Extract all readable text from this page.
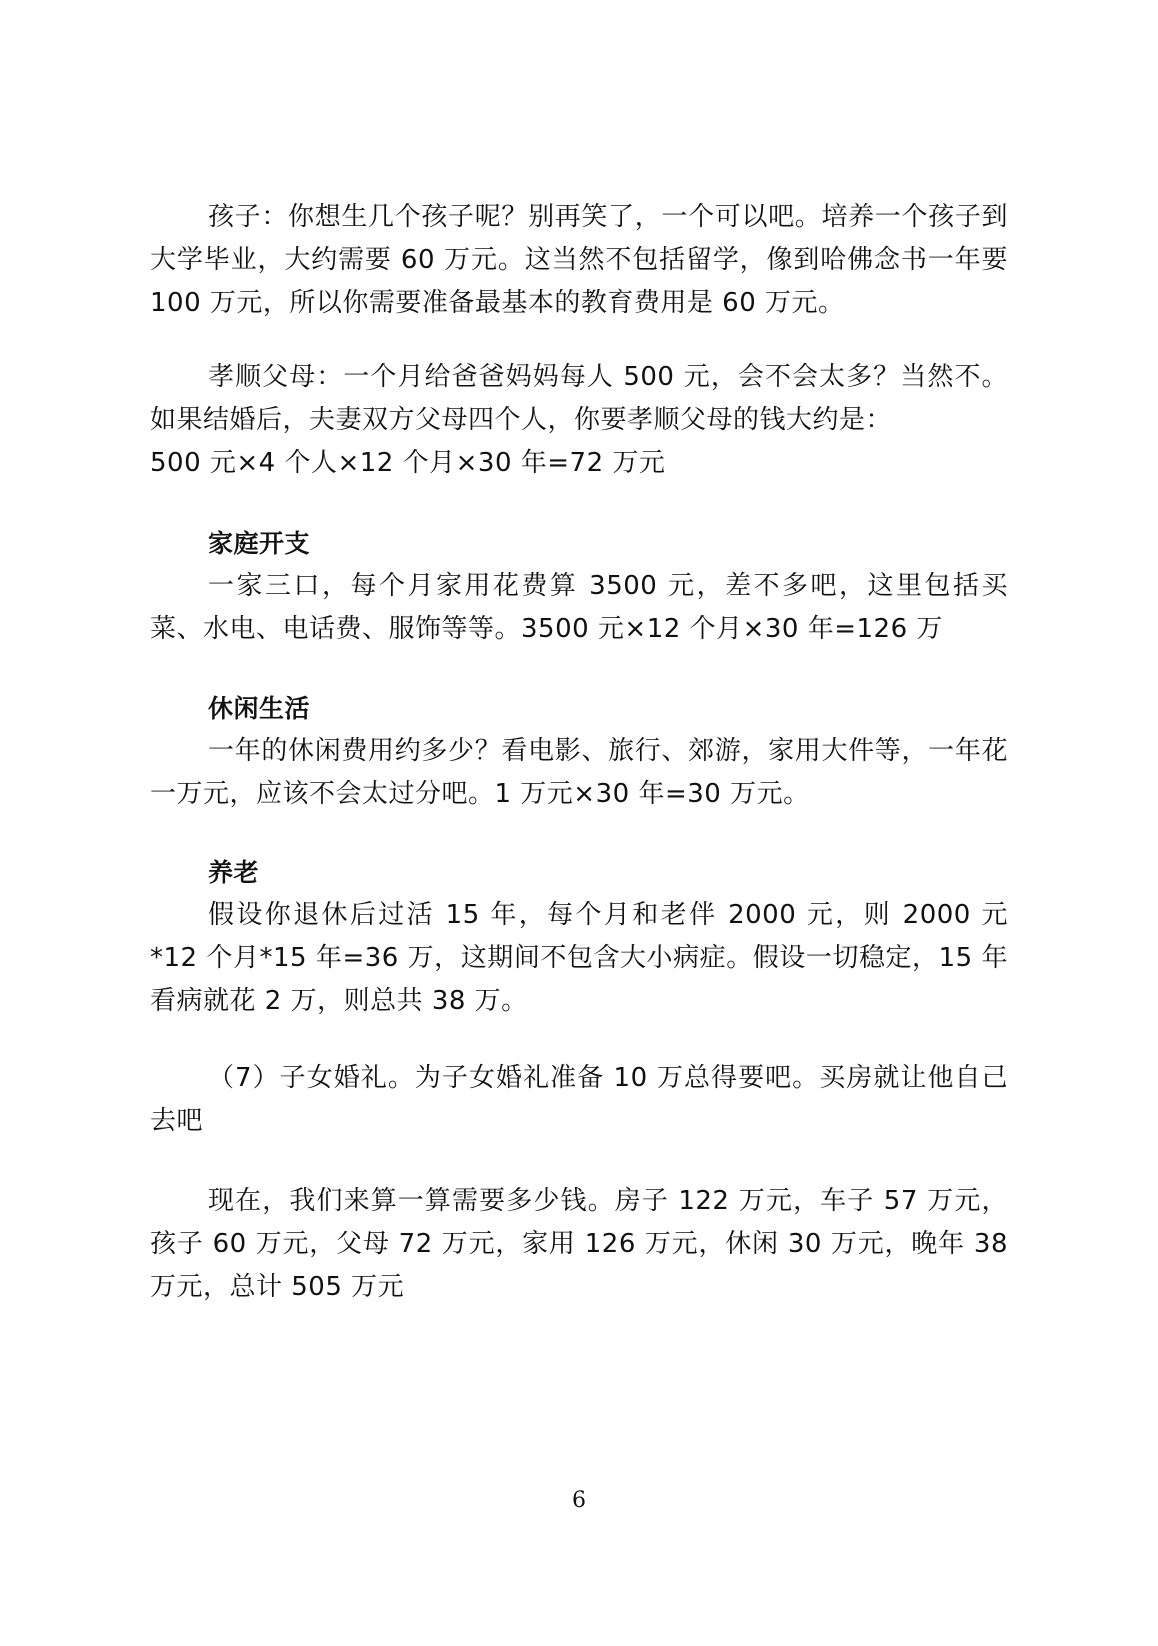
孩子：你想生几个孩子呢？别再笑了，一个可以吧。培养一个孩子到大学毕业，大约需要 60 万元。这当然不包括留学，像到哈佛念书一年要 100 万元，所以你需要准备最基本的教育费用是 60 万元。

孝顺父母：一个月给爸爸妈妈每人 500 元，会不会太多？当然不。如果结婚后，夫妻双方父母四个人，你要孝顺父母的钱大约是：

500 元×4 个人×12 个月×30 年=72 万元

家庭开支

一家三口，每个月家用花费算 3500 元，差不多吧，这里包括买菜、水电、电话费、服饰等等。3500 元×12 个月×30 年=126 万

休闲生活

一年的休闲费用约多少？看电影、旅行、郊游，家用大件等，一年花一万元，应该不会太过分吧。1 万元×30 年=30 万元。

养老

假设你退休后过活 15 年，每个月和老伴 2000 元，则 2000 元*12 个月*15 年=36 万，这期间不包含大小病症。假设一切稳定，15 年看病就花 2 万，则总共 38 万。

（7）子女婚礼。为子女婚礼准备 10 万总得要吧。买房就让他自己去吧

现在，我们来算一算需要多少钱。房子 122 万元，车子 57 万元，孩子 60 万元，父母 72 万元，家用 126 万元，休闲 30 万元，晚年 38 万元，总计 505 万元

6
